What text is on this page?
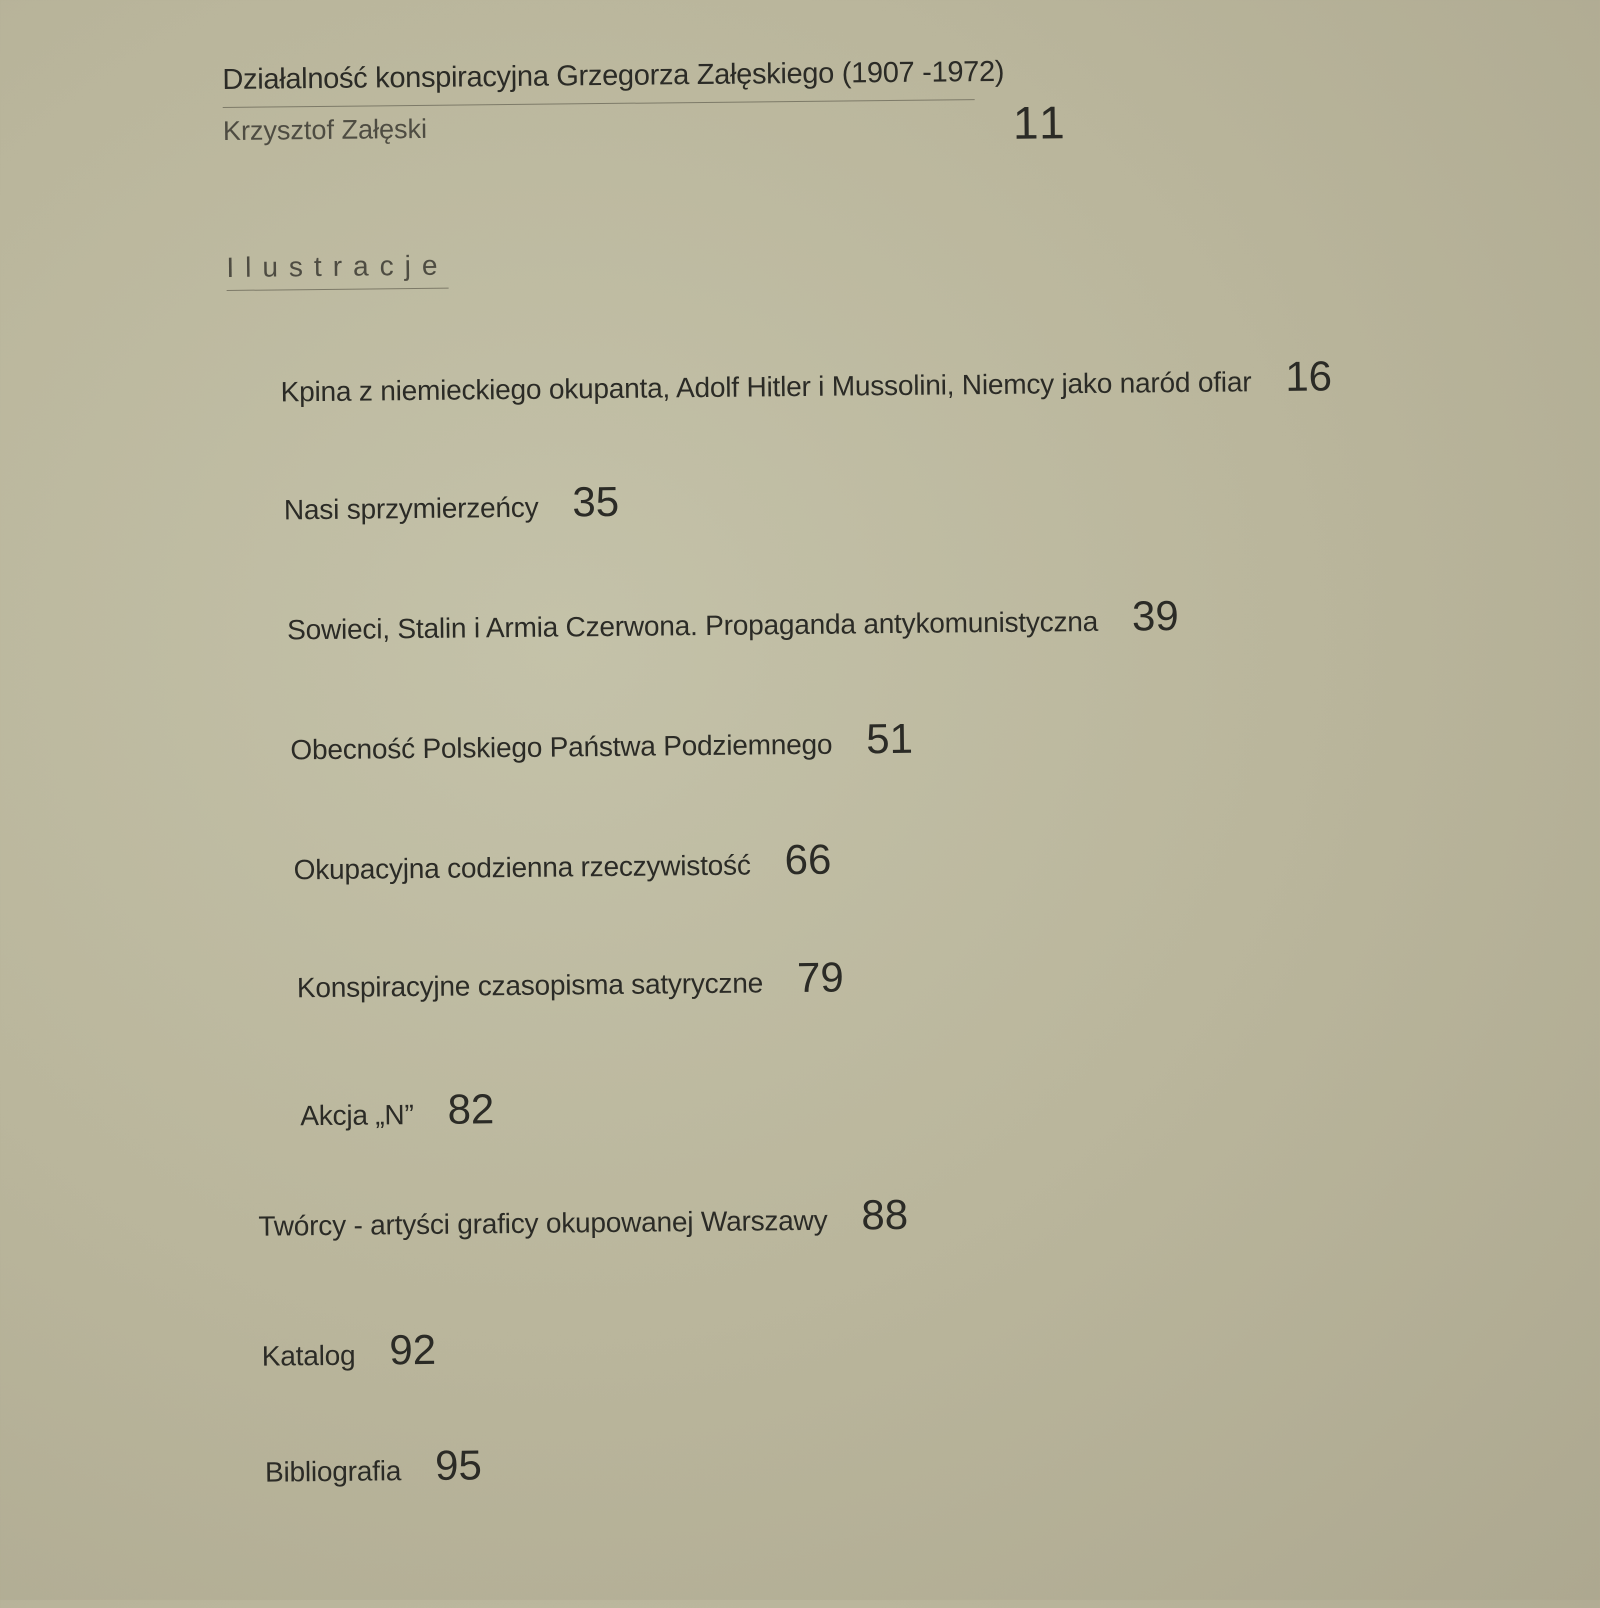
Działalność konspiracyjna Grzegorza Załęskiego (1907 -1972)
Krzysztof Załęski	11
Ilustracje
Kpina z niemieckiego okupanta, Adolf Hitler i Mussolini, Niemcy jako naród ofiar 16
Nasi sprzymierzeńcy 35
Sowieci, Stalin i Armia Czerwona. Propaganda antykomunistyczna 39
Obecność Polskiego Państwa Podziemnego 51
Okupacyjna codzienna rzeczywistość 66
Konspiracyjne czasopisma satyryczne 79
Akcja „N” 82
Twórcy - artyści graficy okupowanej Warszawy 88
Katalog 92
Bibliografia 95
